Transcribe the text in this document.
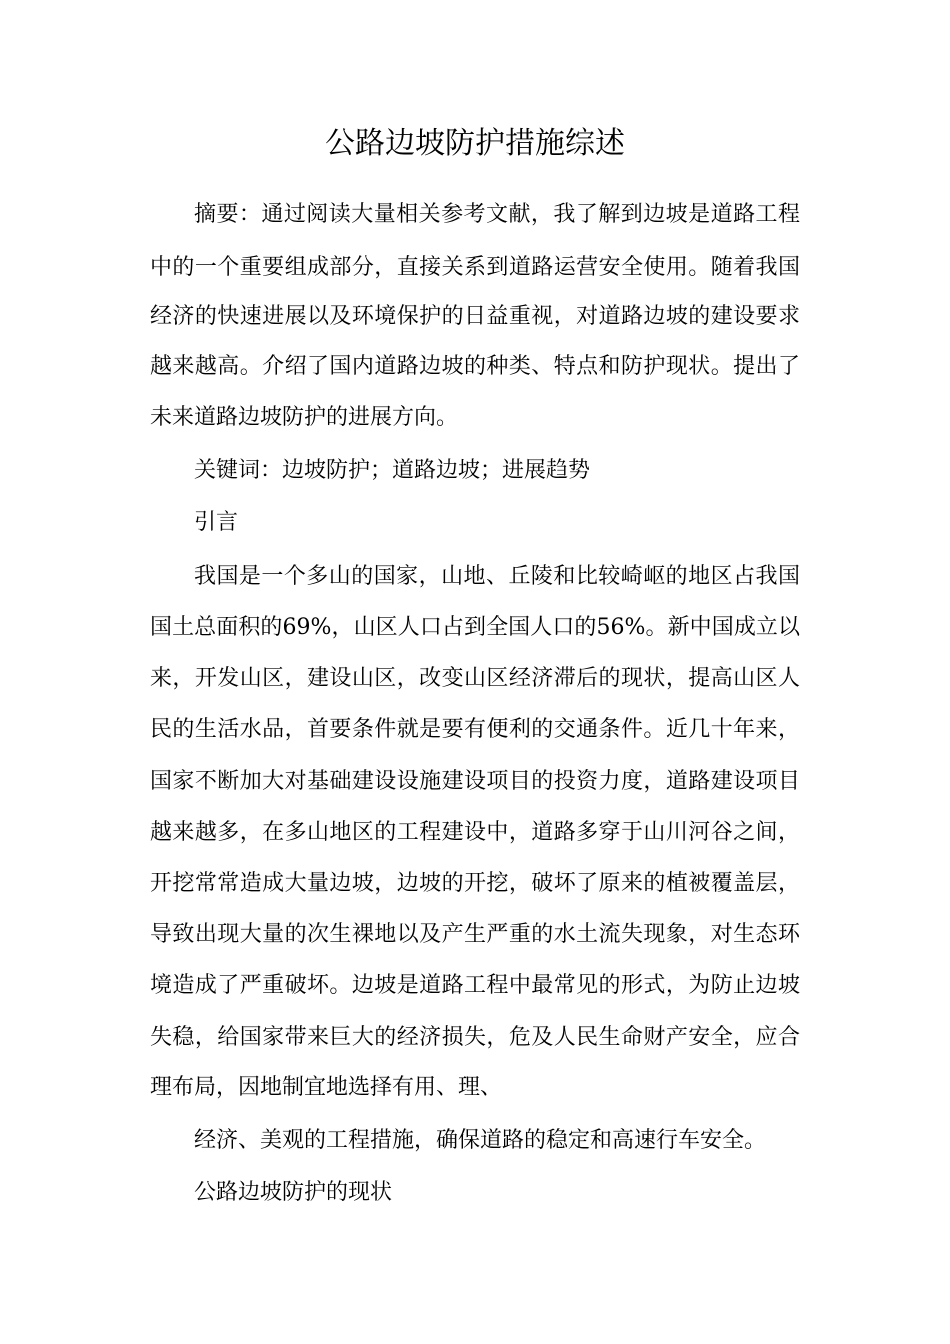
公路边坡防护措施综述

摘要：通过阅读大量相关参考文献，我了解到边坡是道路工程

中的一个重要组成部分，直接关系到道路运营安全使用。随着我国

经济的快速进展以及环境保护的日益重视，对道路边坡的建设要求

越来越高。介绍了国内道路边坡的种类、特点和防护现状。提出了

未来道路边坡防护的进展方向。

关键词：边坡防护；道路边坡；进展趋势

引言

我国是一个多山的国家，山地、丘陵和比较崎岖的地区占我国

国土总面积的69%，山区人口占到全国人口的56%。新中国成立以

来，开发山区，建设山区，改变山区经济滞后的现状，提高山区人

民的生活水品，首要条件就是要有便利的交通条件。近几十年来，

国家不断加大对基础建设设施建设项目的投资力度，道路建设项目

越来越多，在多山地区的工程建设中，道路多穿于山川河谷之间，

开挖常常造成大量边坡，边坡的开挖，破坏了原来的植被覆盖层，

导致出现大量的次生裸地以及产生严重的水土流失现象，对生态环

境造成了严重破坏。边坡是道路工程中最常见的形式，为防止边坡

失稳，给国家带来巨大的经济损失，危及人民生命财产安全，应合

理布局，因地制宜地选择有用、理、

经济、美观的工程措施，确保道路的稳定和高速行车安全。

公路边坡防护的现状
